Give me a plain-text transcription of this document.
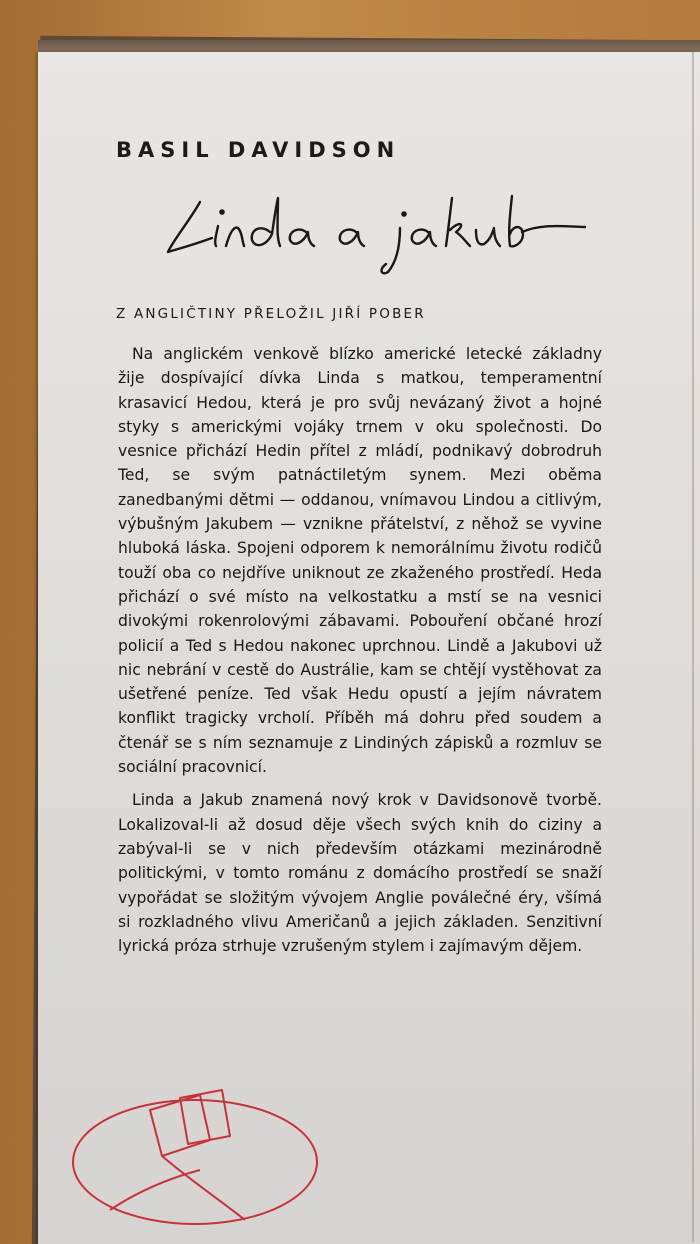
BASIL DAVIDSON

Z ANGLIČTINY PŘELOŽIL JIŘÍ POBER

Na anglickém venkově blízko americké letecké základny žije dospívající dívka Linda s matkou, temperamentní krasavicí Hedou, která je pro svůj nevázaný život a hojné styky s americkými vojáky trnem v oku společnosti. Do vesnice přichází Hedin přítel z mládí, podnikavý dobrodruh Ted, se svým patnáctiletým synem. Mezi oběma zanedbanými dětmi — oddanou, vnímavou Lindou a citlivým, výbušným Jakubem — vznikne přátelství, z něhož se vyvine hluboká láska. Spojeni odporem k nemorálnímu životu rodičů touží oba co nejdříve uniknout ze zkaženého prostředí. Heda přichází o své místo na velkostatku a mstí se na vesnici divokými rokenrolovými zábavami. Pobouření občané hrozí policií a Ted s Hedou nakonec uprchnou. Lindě a Jakubovi už nic nebrání v cestě do Austrálie, kam se chtějí vystěhovat za ušetřené peníze. Ted však Hedu opustí a jejím návratem konflikt tragicky vrcholí. Příběh má dohru před soudem a čtenář se s ním seznamuje z Lindiných zápisků a rozmluv se sociální pracovnicí.

Linda a Jakub znamená nový krok v Davidsonově tvorbě. Lokalizoval-li až dosud děje všech svých knih do ciziny a zabýval-li se v nich především otázkami mezinárodně politickými, v tomto románu z domácího prostředí se snaží vypořádat se složitým vývojem Anglie poválečné éry, všímá si rozkladného vlivu Američanů a jejich základen. Senzitivní lyrická próza strhuje vzrušeným stylem i zajímavým dějem.
